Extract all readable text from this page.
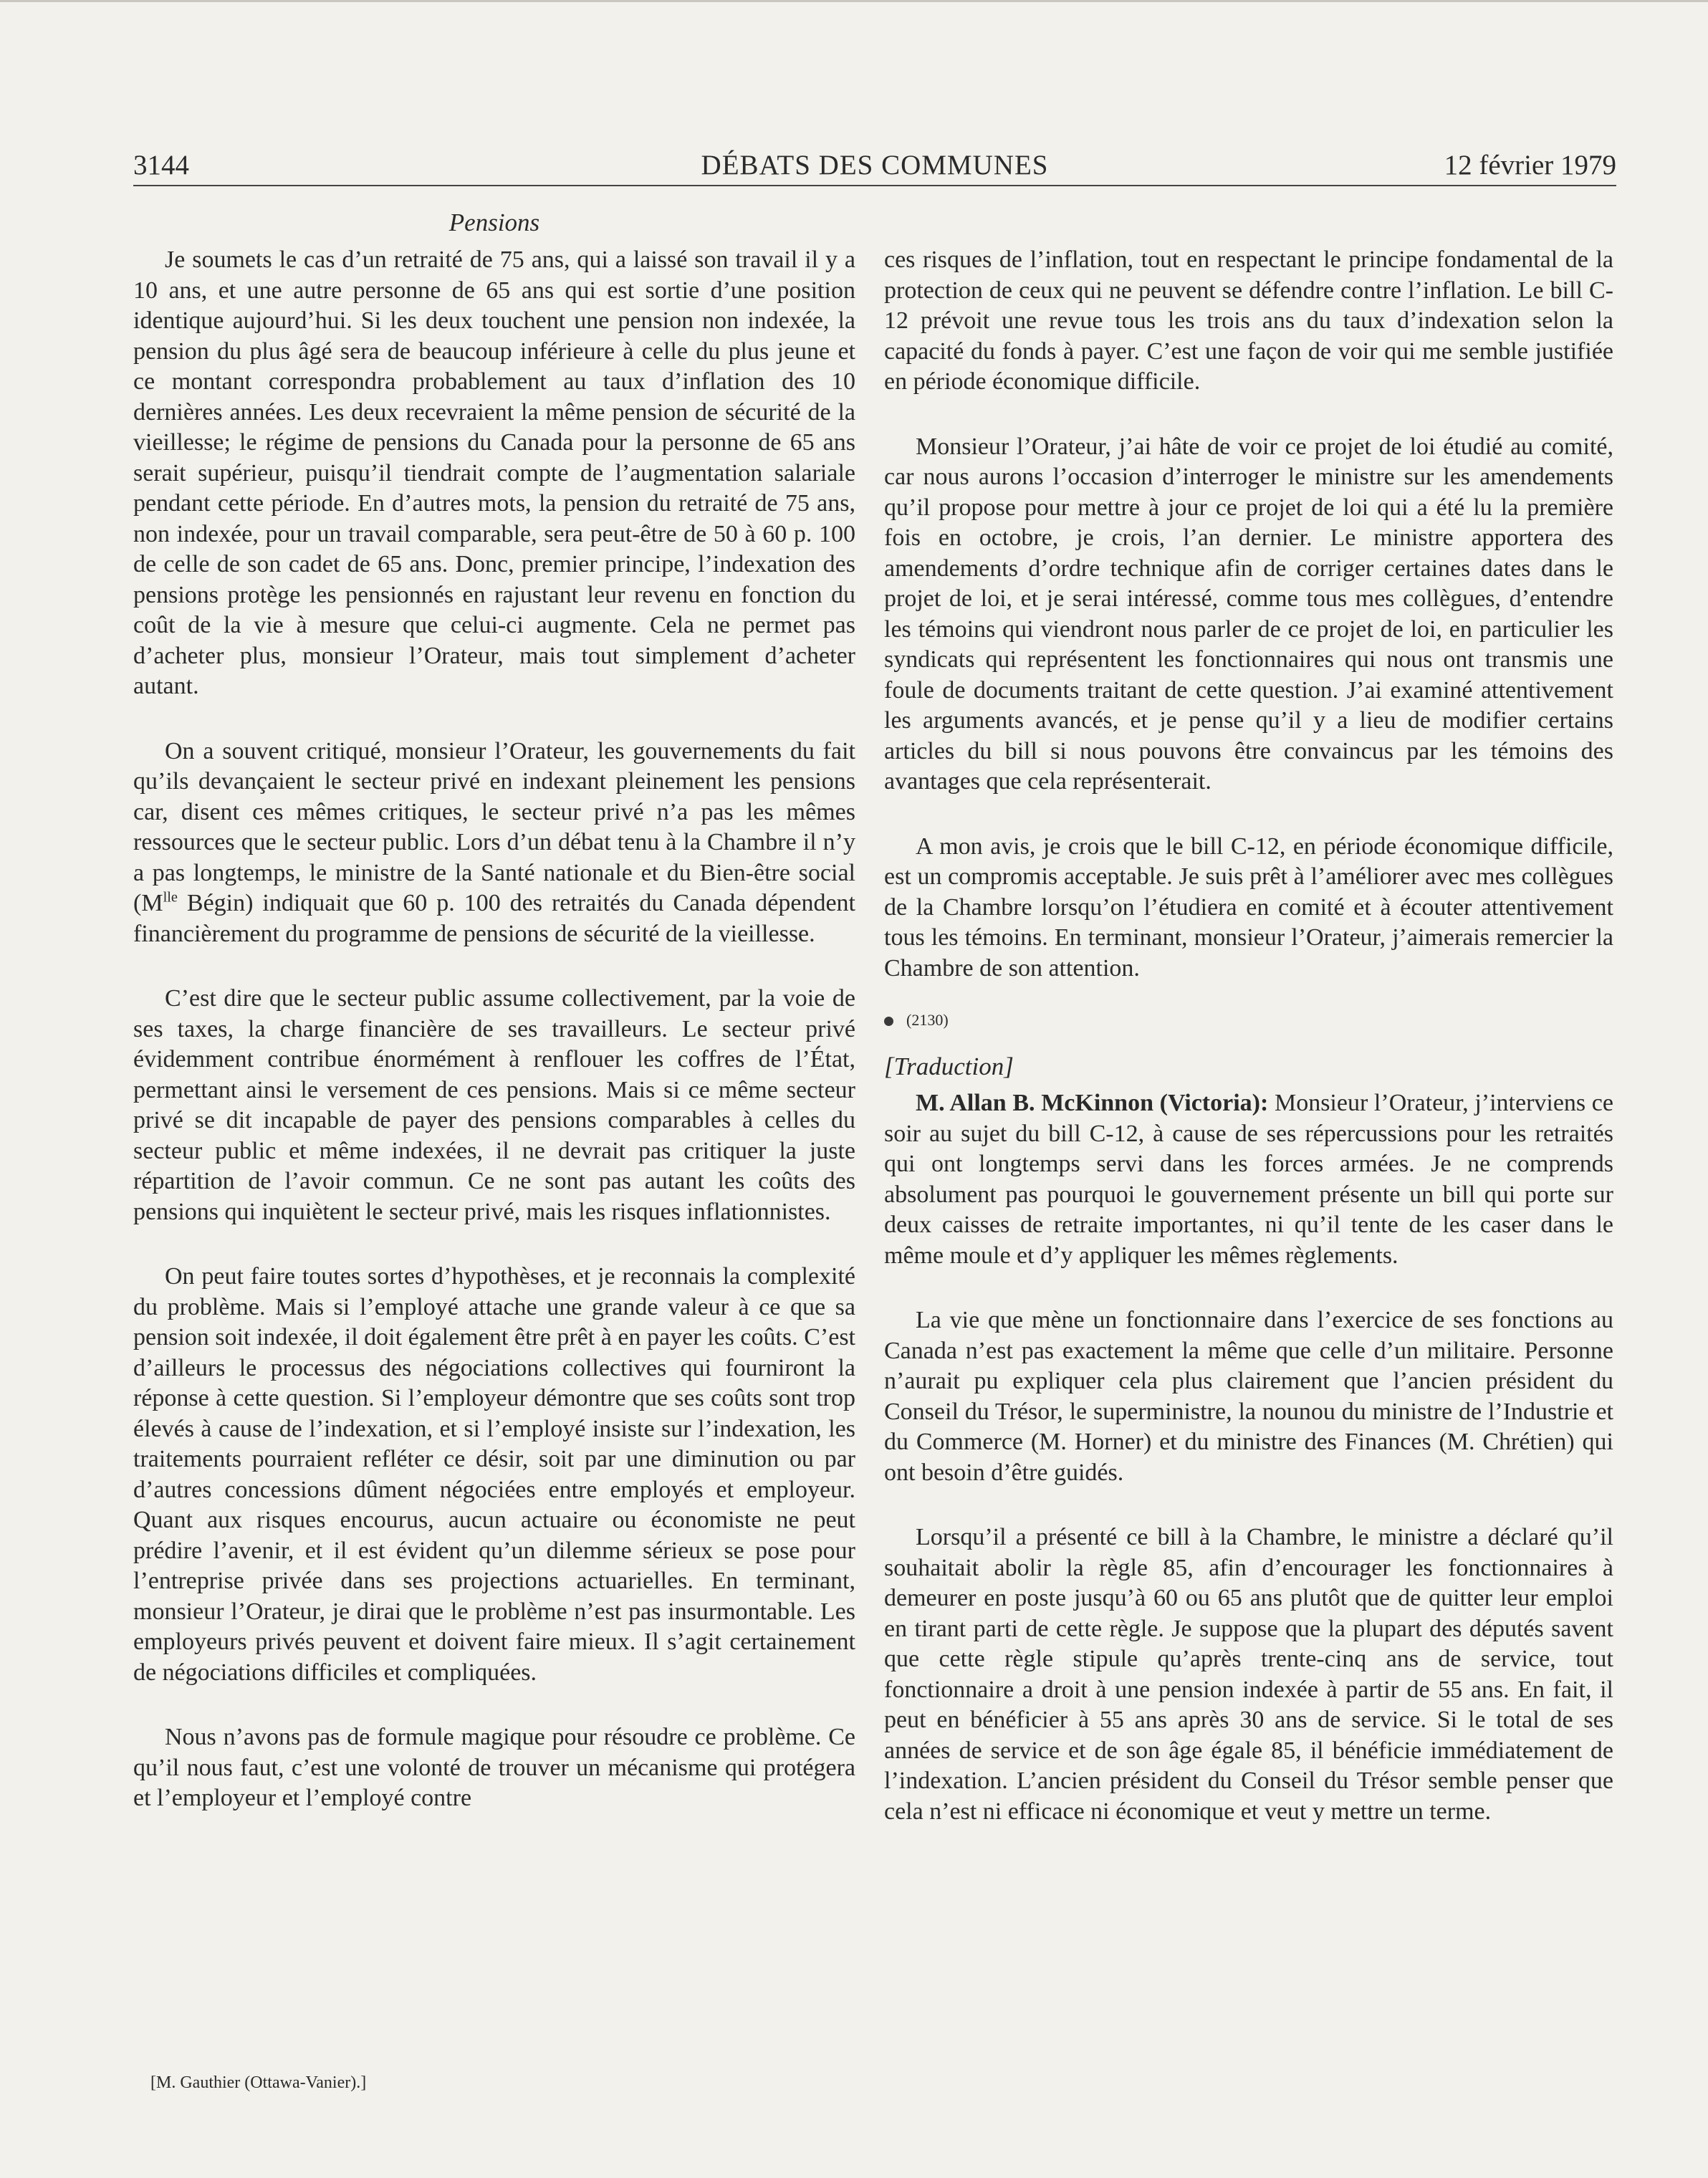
3144	DÉBATS DES COMMUNES	12 février 1979
Pensions

Je soumets le cas d’un retraité de 75 ans, qui a laissé son travail il y a 10 ans, et une autre personne de 65 ans qui est sortie d’une position identique aujourd’hui. Si les deux touchent une pension non indexée, la pension du plus âgé sera de beaucoup inférieure à celle du plus jeune et ce montant correspondra probablement au taux d’inflation des 10 dernières années. Les deux recevraient la même pension de sécurité de la vieillesse; le régime de pensions du Canada pour la personne de 65 ans serait supérieur, puisqu’il tiendrait compte de l’augmentation salariale pendant cette période. En d’autres mots, la pension du retraité de 75 ans, non indexée, pour un travail comparable, sera peut-être de 50 à 60 p. 100 de celle de son cadet de 65 ans. Donc, premier principe, l’indexation des pensions protège les pensionnés en rajustant leur revenu en fonction du coût de la vie à mesure que celui-ci augmente. Cela ne permet pas d’acheter plus, monsieur l’Orateur, mais tout simplement d’acheter autant.

On a souvent critiqué, monsieur l’Orateur, les gouvernements du fait qu’ils devançaient le secteur privé en indexant pleinement les pensions car, disent ces mêmes critiques, le secteur privé n’a pas les mêmes ressources que le secteur public. Lors d’un débat tenu à la Chambre il n’y a pas longtemps, le ministre de la Santé nationale et du Bien-être social ($M^{lle}$ Bégin) indiquait que 60 p. 100 des retraités du Canada dépendent financièrement du programme de pensions de sécurité de la vieillesse.

C’est dire que le secteur public assume collectivement, par la voie de ses taxes, la charge financière de ses travailleurs. Le secteur privé évidemment contribue énormément à renflouer les coffres de l’État, permettant ainsi le versement de ces pensions. Mais si ce même secteur privé se dit incapable de payer des pensions comparables à celles du secteur public et même indexées, il ne devrait pas critiquer la juste répartition de l’avoir commun. Ce ne sont pas autant les coûts des pensions qui inquiètent le secteur privé, mais les risques inflationnistes.

On peut faire toutes sortes d’hypothèses, et je reconnais la complexité du problème. Mais si l’employé attache une grande valeur à ce que sa pension soit indexée, il doit également être prêt à en payer les coûts. C’est d’ailleurs le processus des négociations collectives qui fourniront la réponse à cette question. Si l’employeur démontre que ses coûts sont trop élevés à cause de l’indexation, et si l’employé insiste sur l’indexation, les traitements pourraient refléter ce désir, soit par une diminution ou par d’autres concessions dûment négociées entre employés et employeur. Quant aux risques encourus, aucun actuaire ou économiste ne peut prédire l’avenir, et il est évident qu’un dilemme sérieux se pose pour l’entreprise privée dans ses projections actuarielles. En terminant, monsieur l’Orateur, je dirai que le problème n’est pas insurmontable. Les employeurs privés peuvent et doivent faire mieux. Il s’agit certainement de négociations difficiles et compliquées.

Nous n’avons pas de formule magique pour résoudre ce problème. Ce qu’il nous faut, c’est une volonté de trouver un mécanisme qui protégera et l’employeur et l’employé contre

[M. Gauthier (Ottawa-Vanier).]

ces risques de l’inflation, tout en respectant le principe fondamental de la protection de ceux qui ne peuvent se défendre contre l’inflation. Le bill C-12 prévoit une revue tous les trois ans du taux d’indexation selon la capacité du fonds à payer. C’est une façon de voir qui me semble justifiée en période économique difficile.

Monsieur l’Orateur, j’ai hâte de voir ce projet de loi étudié au comité, car nous aurons l’occasion d’interroger le ministre sur les amendements qu’il propose pour mettre à jour ce projet de loi qui a été lu la première fois en octobre, je crois, l’an dernier. Le ministre apportera des amendements d’ordre technique afin de corriger certaines dates dans le projet de loi, et je serai intéressé, comme tous mes collègues, d’entendre les témoins qui viendront nous parler de ce projet de loi, en particulier les syndicats qui représentent les fonctionnaires qui nous ont transmis une foule de documents traitant de cette question. J’ai examiné attentivement les arguments avancés, et je pense qu’il y a lieu de modifier certains articles du bill si nous pouvons être convaincus par les témoins des avantages que cela représenterait.

A mon avis, je crois que le bill C-12, en période économique difficile, est un compromis acceptable. Je suis prêt à l’améliorer avec mes collègues de la Chambre lorsqu’on l’étudiera en comité et à écouter attentivement tous les témoins. En terminant, monsieur l’Orateur, j’aimerais remercier la Chambre de son attention.

(2130)
[Traduction]

M. Allan B. McKinnon (Victoria): Monsieur l’Orateur, j’interviens ce soir au sujet du bill C-12, à cause de ses répercussions pour les retraités qui ont longtemps servi dans les forces armées. Je ne comprends absolument pas pourquoi le gouvernement présente un bill qui porte sur deux caisses de retraite importantes, ni qu’il tente de les caser dans le même moule et d’y appliquer les mêmes règlements.

La vie que mène un fonctionnaire dans l’exercice de ses fonctions au Canada n’est pas exactement la même que celle d’un militaire. Personne n’aurait pu expliquer cela plus clairement que l’ancien président du Conseil du Trésor, le superministre, la nounou du ministre de l’Industrie et du Commerce (M. Horner) et du ministre des Finances (M. Chrétien) qui ont besoin d’être guidés.

Lorsqu’il a présenté ce bill à la Chambre, le ministre a déclaré qu’il souhaitait abolir la règle 85, afin d’encourager les fonctionnaires à demeurer en poste jusqu’à 60 ou 65 ans plutôt que de quitter leur emploi en tirant parti de cette règle. Je suppose que la plupart des députés savent que cette règle stipule qu’après trente-cinq ans de service, tout fonctionnaire a droit à une pension indexée à partir de 55 ans. En fait, il peut en bénéficier à 55 ans après 30 ans de service. Si le total de ses années de service et de son âge égale 85, il bénéficie immédiatement de l’indexation. L’ancien président du Conseil du Trésor semble penser que cela n’est ni efficace ni économique et veut y mettre un terme.
